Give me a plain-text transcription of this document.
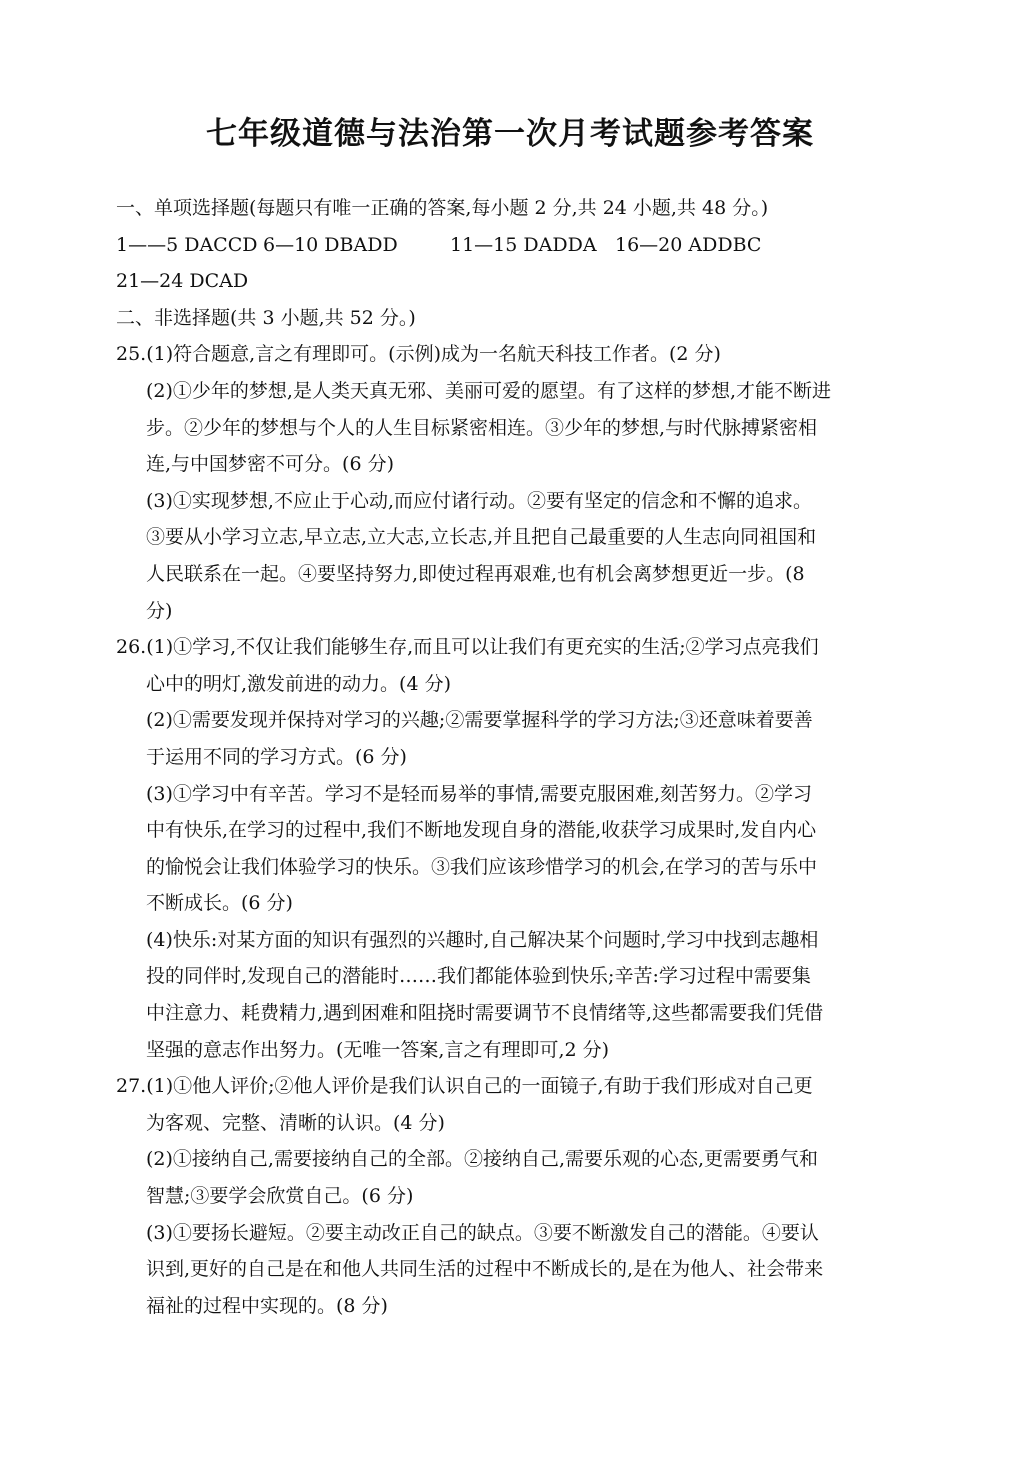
七年级道德与法治第一次月考试题参考答案
一、单项选择题(每题只有唯一正确的答案,每小题 2 分,共 24 小题,共 48 分。)
1——5 DACCD 6—10 DBADD	11—15 DADDA 16—20 ADDBC
21—24 DCAD
二、非选择题(共 3 小题,共 52 分。)
25.(1)符合题意,言之有理即可。(示例)成为一名航天科技工作者。(2 分)
(2)①少年的梦想,是人类天真无邪、美丽可爱的愿望。有了这样的梦想,才能不断进
步。②少年的梦想与个人的人生目标紧密相连。③少年的梦想,与时代脉搏紧密相
连,与中国梦密不可分。(6 分)
(3)①实现梦想,不应止于心动,而应付诸行动。②要有坚定的信念和不懈的追求。
③要从小学习立志,早立志,立大志,立长志,并且把自己最重要的人生志向同祖国和
人民联系在一起。④要坚持努力,即使过程再艰难,也有机会离梦想更近一步。(8
分)
26.(1)①学习,不仅让我们能够生存,而且可以让我们有更充实的生活;②学习点亮我们
心中的明灯,激发前进的动力。(4 分)
(2)①需要发现并保持对学习的兴趣;②需要掌握科学的学习方法;③还意味着要善
于运用不同的学习方式。(6 分)
(3)①学习中有辛苦。学习不是轻而易举的事情,需要克服困难,刻苦努力。②学习
中有快乐,在学习的过程中,我们不断地发现自身的潜能,收获学习成果时,发自内心
的愉悦会让我们体验学习的快乐。③我们应该珍惜学习的机会,在学习的苦与乐中
不断成长。(6 分)
(4)快乐:对某方面的知识有强烈的兴趣时,自己解决某个问题时,学习中找到志趣相
投的同伴时,发现自己的潜能时……我们都能体验到快乐;辛苦:学习过程中需要集
中注意力、耗费精力,遇到困难和阻挠时需要调节不良情绪等,这些都需要我们凭借
坚强的意志作出努力。(无唯一答案,言之有理即可,2 分)
27.(1)①他人评价;②他人评价是我们认识自己的一面镜子,有助于我们形成对自己更
为客观、完整、清晰的认识。(4 分)
(2)①接纳自己,需要接纳自己的全部。②接纳自己,需要乐观的心态,更需要勇气和
智慧;③要学会欣赏自己。(6 分)
(3)①要扬长避短。②要主动改正自己的缺点。③要不断激发自己的潜能。④要认
识到,更好的自己是在和他人共同生活的过程中不断成长的,是在为他人、社会带来
福祉的过程中实现的。(8 分)
